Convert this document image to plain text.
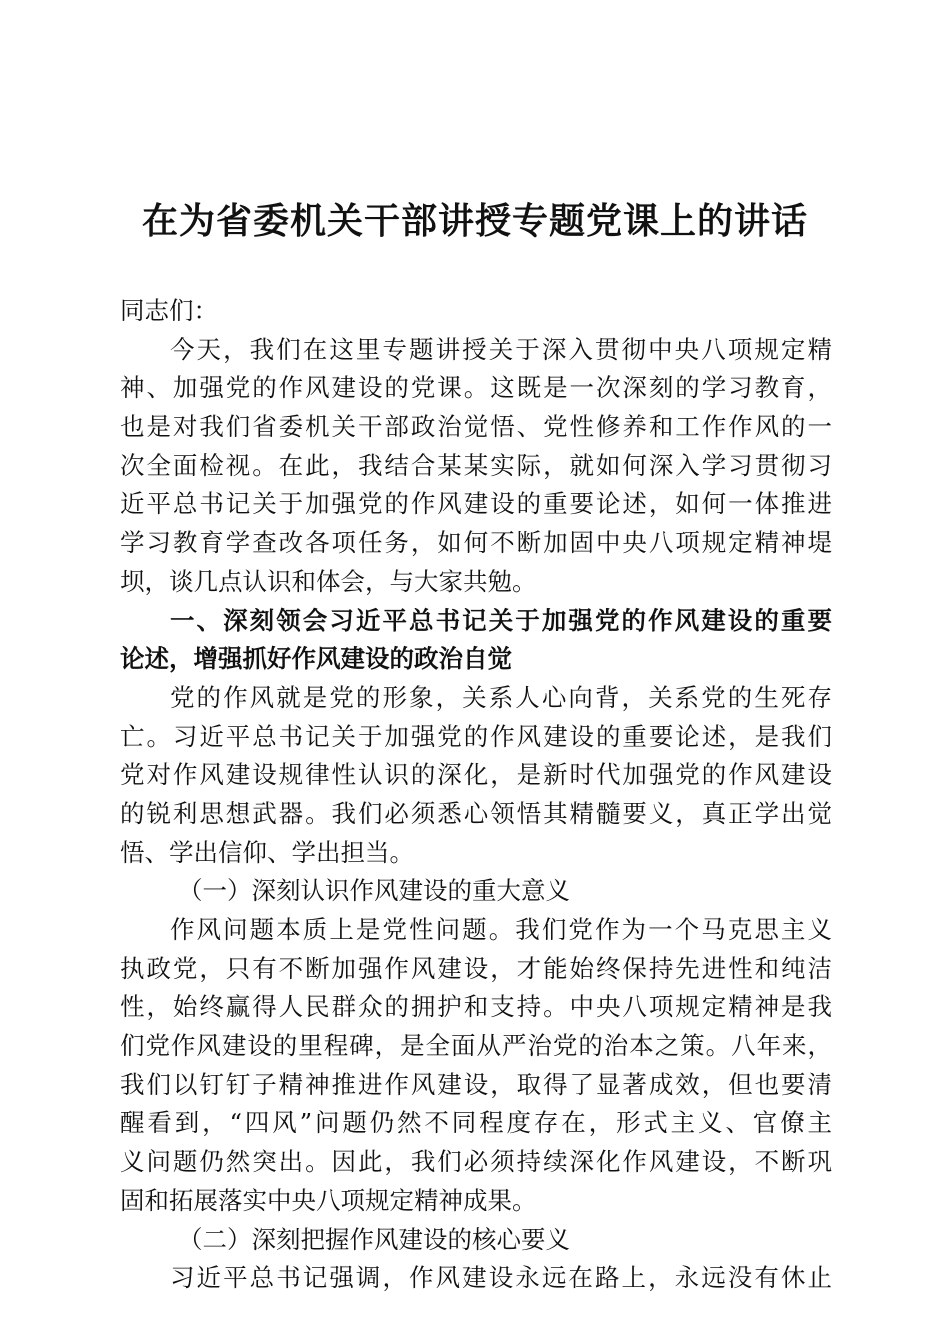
在为省委机关干部讲授专题党课上的讲话

同志们：

今天，我们在这里专题讲授关于深入贯彻中央八项规定精

神、加强党的作风建设的党课。这既是一次深刻的学习教育，

也是对我们省委机关干部政治觉悟、党性修养和工作作风的一

次全面检视。在此，我结合某某实际，就如何深入学习贯彻习

近平总书记关于加强党的作风建设的重要论述，如何一体推进

学习教育学查改各项任务，如何不断加固中央八项规定精神堤

坝，谈几点认识和体会，与大家共勉。

一、深刻领会习近平总书记关于加强党的作风建设的重要

论述，增强抓好作风建设的政治自觉

党的作风就是党的形象，关系人心向背，关系党的生死存

亡。习近平总书记关于加强党的作风建设的重要论述，是我们

党对作风建设规律性认识的深化，是新时代加强党的作风建设

的锐利思想武器。我们必须悉心领悟其精髓要义，真正学出觉

悟、学出信仰、学出担当。

（一）深刻认识作风建设的重大意义

作风问题本质上是党性问题。我们党作为一个马克思主义

执政党，只有不断加强作风建设，才能始终保持先进性和纯洁

性，始终赢得人民群众的拥护和支持。中央八项规定精神是我

们党作风建设的里程碑，是全面从严治党的治本之策。八年来，

我们以钉钉子精神推进作风建设，取得了显著成效，但也要清

醒看到，“四风”问题仍然不同程度存在，形式主义、官僚主

义问题仍然突出。因此，我们必须持续深化作风建设，不断巩

固和拓展落实中央八项规定精神成果。

（二）深刻把握作风建设的核心要义

习近平总书记强调，作风建设永远在路上，永远没有休止
